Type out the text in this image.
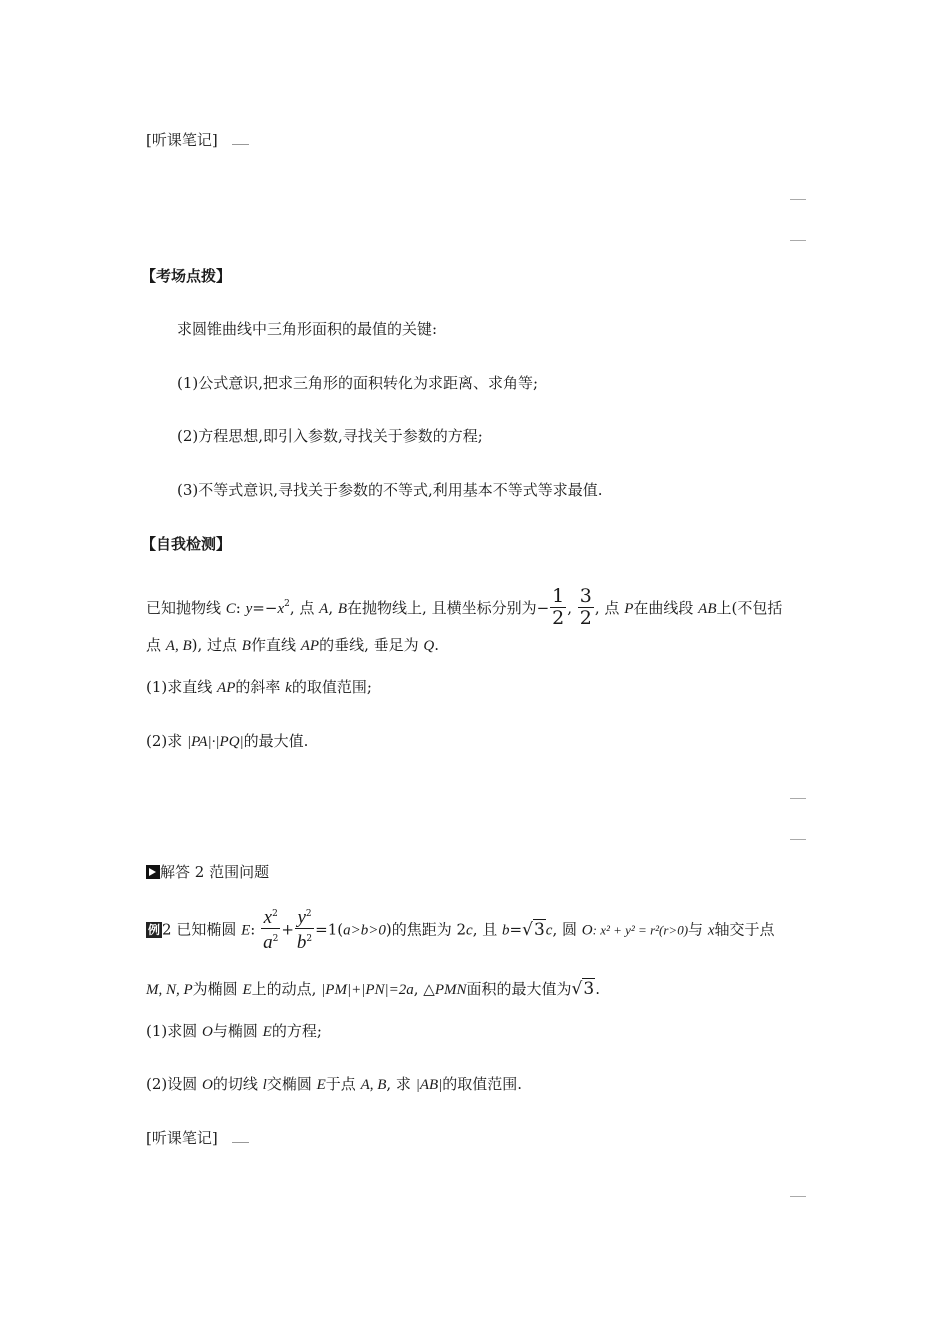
[听课笔记]
【考场点拨】
求圆锥曲线中三角形面积的最值的关键:
(1)公式意识,把求三角形的面积转化为求距离、求角等;
(2)方程思想,即引入参数,寻找关于参数的方程;
(3)不等式意识,寻找关于参数的不等式,利用基本不等式等求最值.
【自我检测】
已知抛物线 C: $y=-x^2$, 点 A, B在抛物线上, 且横坐标分别为− $\frac{1}{2}$ , $\frac{3}{2}$ , 点 P在曲线段 AB上(不包括
点 A, B), 过点 B作直线 AP的垂线, 垂足为 Q.
(1)求直线 AP的斜率 k的取值范围;
(2)求 |PA|·|PQ|的最大值.
解答 2 范围问题
例 2 已知椭圆 E: $\frac{x^2}{a^2} + \frac{y^2}{b^2} =1(a>b>0)$的焦距为 2c, 且 b=√3c, 圆 O: x² + y² = r²(r>0)与 x轴交于点
M, N, P为椭圆 E上的动点, |PM|+|PN|=2a, △PMN面积的最大值为√3.
(1)求圆 O与椭圆 E的方程;
(2)设圆 O的切线 l交椭圆 E于点 A, B, 求 |AB|的取值范围.
[听课笔记]
